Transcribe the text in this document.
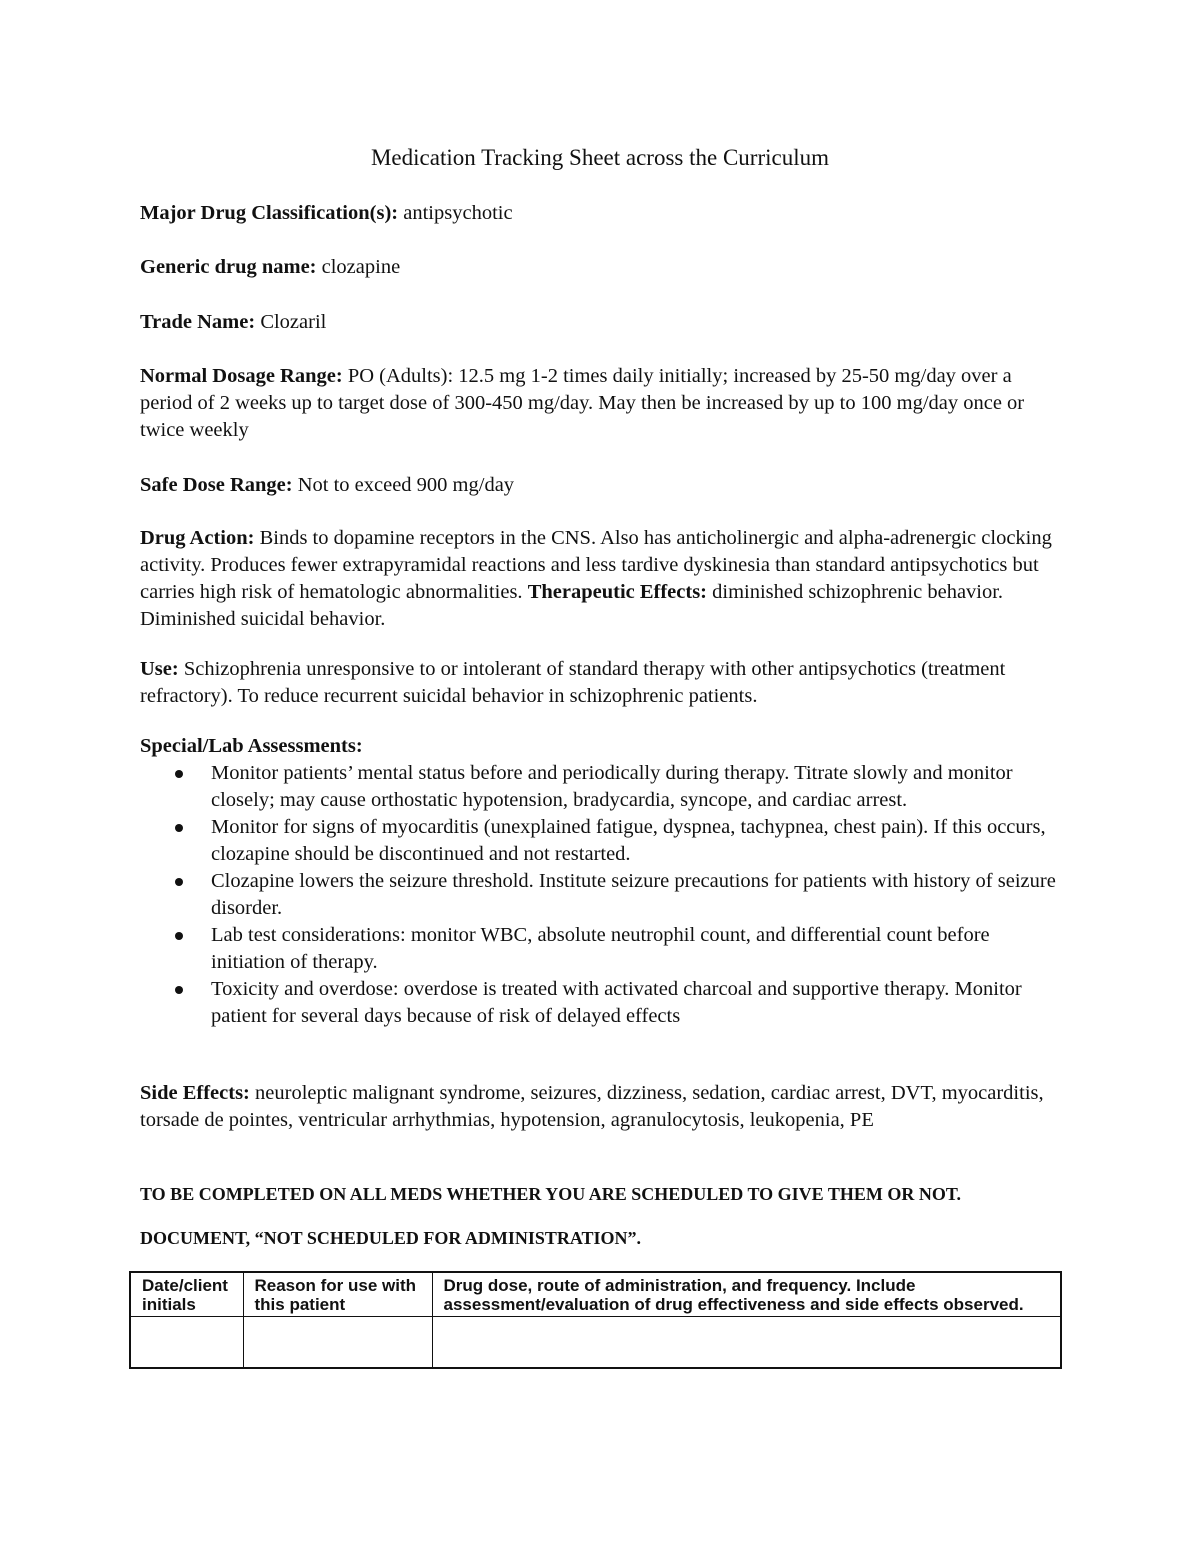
Medication Tracking Sheet across the Curriculum

Major Drug Classification(s): antipsychotic

Generic drug name: clozapine

Trade Name: Clozaril

Normal Dosage Range: PO (Adults): 12.5 mg 1-2 times daily initially; increased by 25-50 mg/day over a period of 2 weeks up to target dose of 300-450 mg/day. May then be increased by up to 100 mg/day once or twice weekly

Safe Dose Range: Not to exceed 900 mg/day

Drug Action: Binds to dopamine receptors in the CNS. Also has anticholinergic and alpha-adrenergic clocking activity. Produces fewer extrapyramidal reactions and less tardive dyskinesia than standard antipsychotics but carries high risk of hematologic abnormalities. Therapeutic Effects: diminished schizophrenic behavior. Diminished suicidal behavior.

Use: Schizophrenia unresponsive to or intolerant of standard therapy with other antipsychotics (treatment refractory). To reduce recurrent suicidal behavior in schizophrenic patients.

Special/Lab Assessments:

Monitor patients’ mental status before and periodically during therapy. Titrate slowly and monitor closely; may cause orthostatic hypotension, bradycardia, syncope, and cardiac arrest.
Monitor for signs of myocarditis (unexplained fatigue, dyspnea, tachypnea, chest pain). If this occurs, clozapine should be discontinued and not restarted.
Clozapine lowers the seizure threshold. Institute seizure precautions for patients with history of seizure disorder.
Lab test considerations: monitor WBC, absolute neutrophil count, and differential count before initiation of therapy.
Toxicity and overdose: overdose is treated with activated charcoal and supportive therapy. Monitor patient for several days because of risk of delayed effects

Side Effects: neuroleptic malignant syndrome, seizures, dizziness, sedation, cardiac arrest, DVT, myocarditis, torsade de pointes, ventricular arrhythmias, hypotension, agranulocytosis, leukopenia, PE

TO BE COMPLETED ON ALL MEDS WHETHER YOU ARE SCHEDULED TO GIVE THEM OR NOT.

DOCUMENT, “NOT SCHEDULED FOR ADMINISTRATION”.

Date/client initials	Reason for use with this patient	Drug dose, route of administration, and frequency. Include assessment/evaluation of drug effectiveness and side effects observed.
